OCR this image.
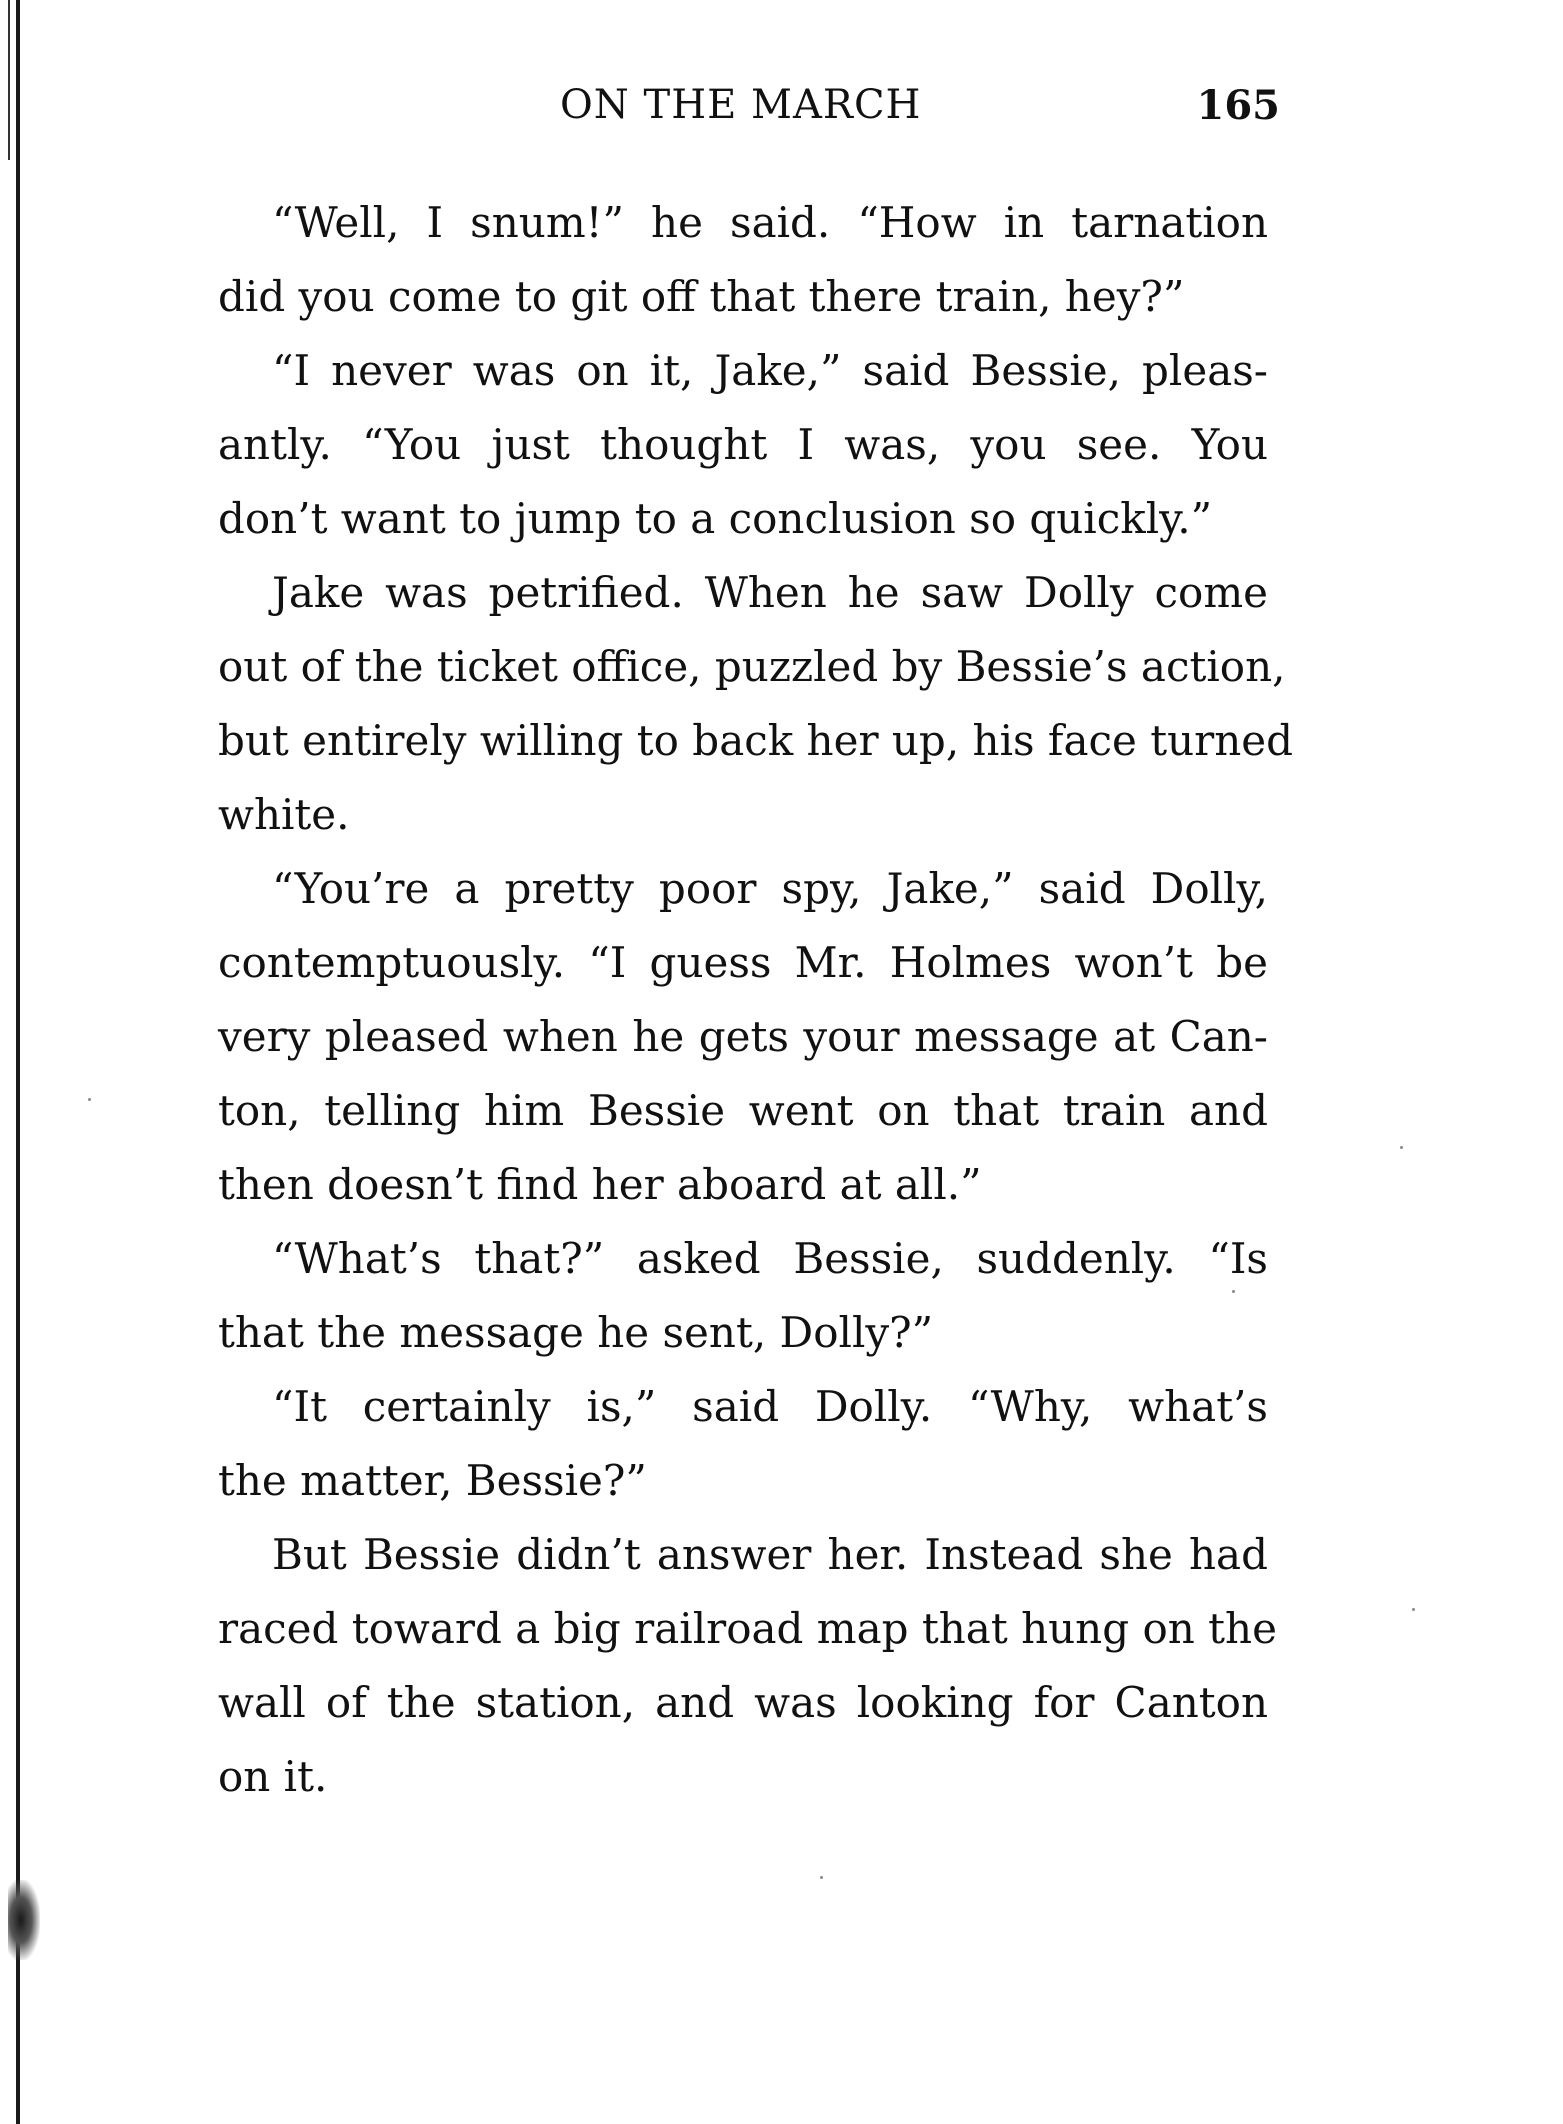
ON THE MARCH	165
“Well, I snum!” he said. “How in tarnation
did you come to git off that there train, hey?”
“I never was on it, Jake,” said Bessie, pleas-
antly. “You just thought I was, you see. You
don’t want to jump to a conclusion so quickly.”
Jake was petrified. When he saw Dolly come
out of the ticket office, puzzled by Bessie’s action,
but entirely willing to back her up, his face turned
white.
“You’re a pretty poor spy, Jake,” said Dolly,
contemptuously. “I guess Mr. Holmes won’t be
very pleased when he gets your message at Can-
ton, telling him Bessie went on that train and
then doesn’t find her aboard at all.”
“What’s that?” asked Bessie, suddenly. “Is
that the message he sent, Dolly?”
“It certainly is,” said Dolly. “Why, what’s
the matter, Bessie?”
But Bessie didn’t answer her. Instead she had
raced toward a big railroad map that hung on the
wall of the station, and was looking for Canton
on it.
